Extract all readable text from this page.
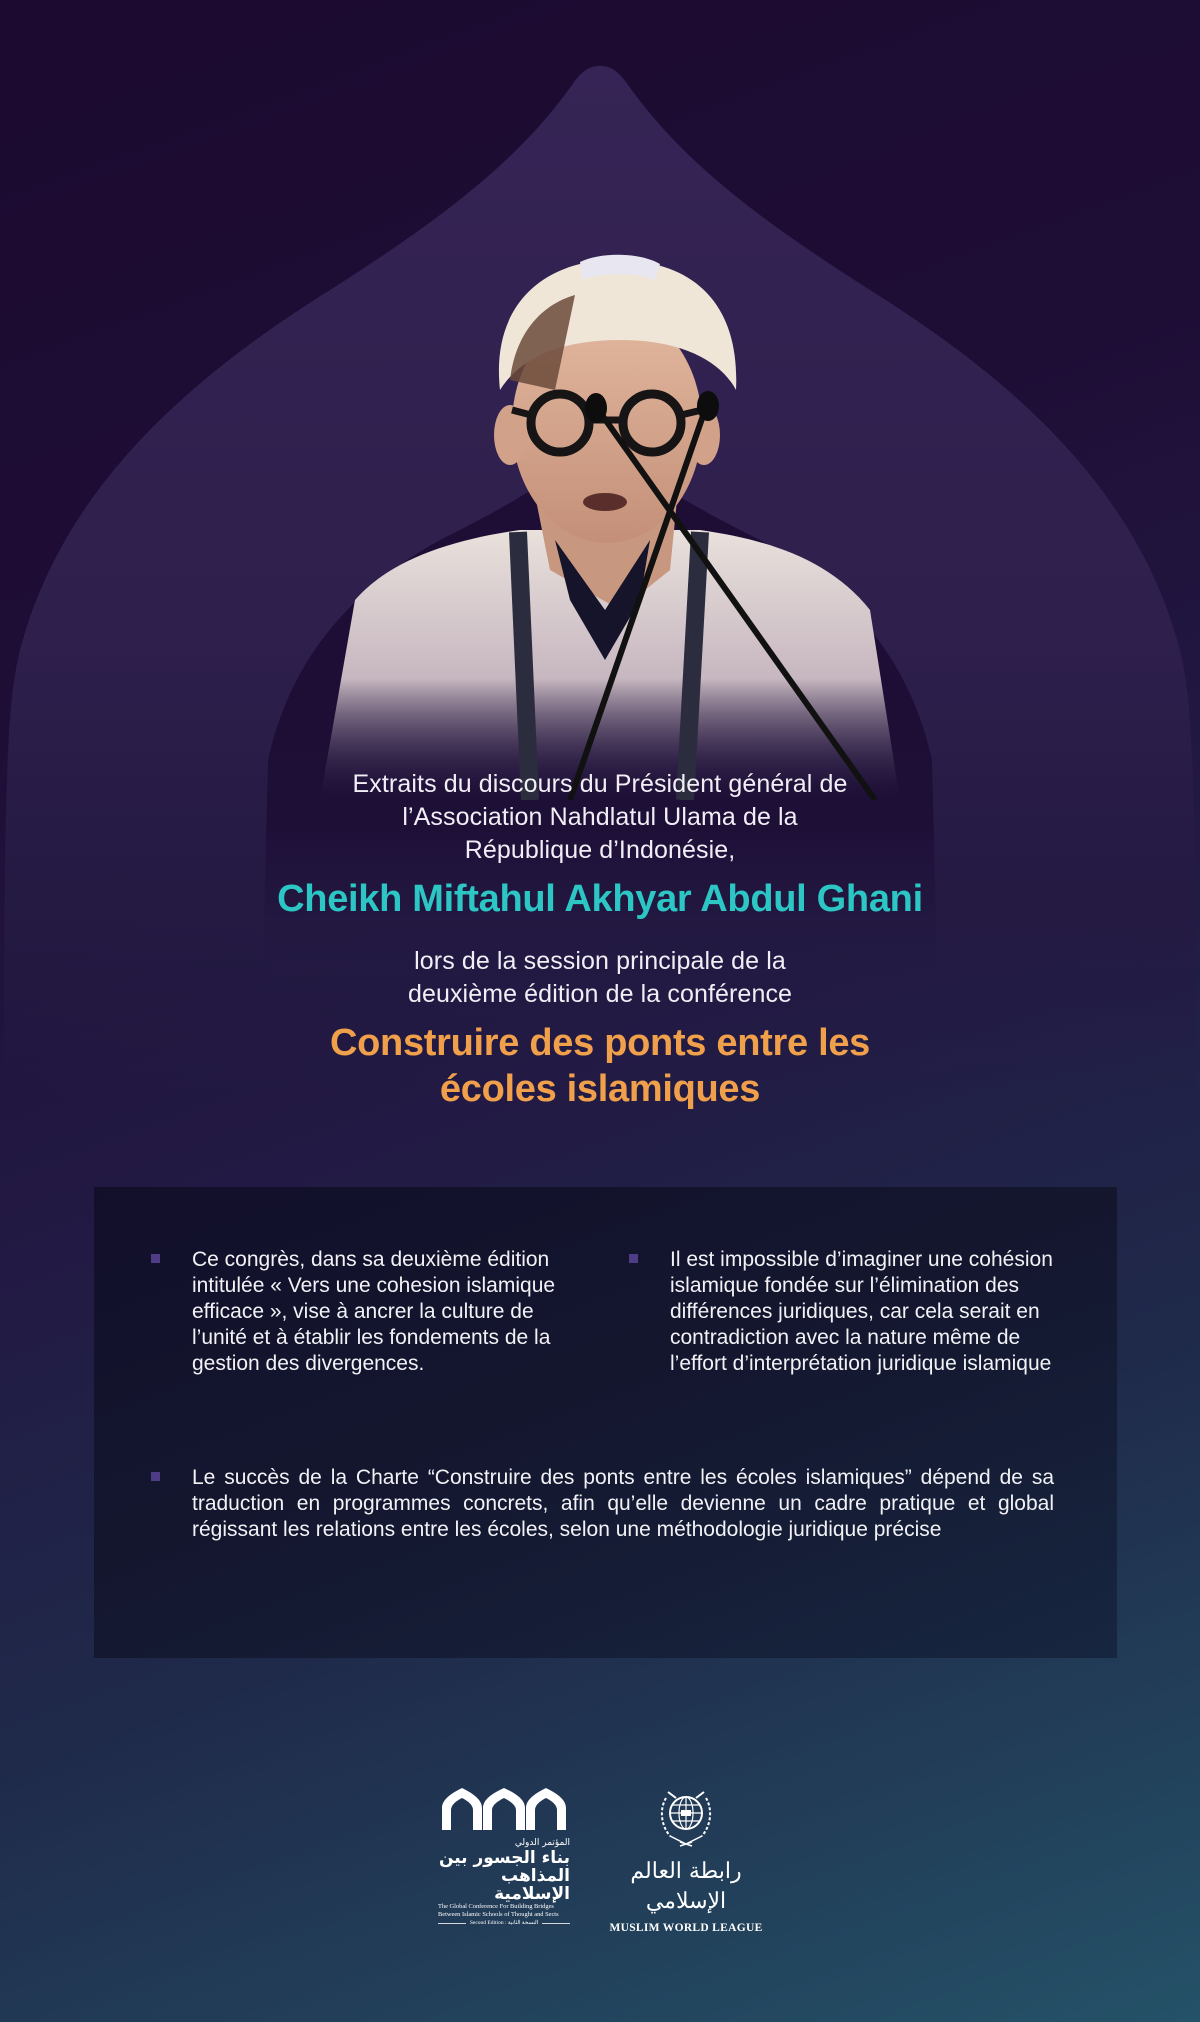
Extraits du discours du Président général de
l’Association Nahdlatul Ulama de la
République d’Indonésie,
Cheikh Miftahul Akhyar Abdul Ghani
lors de la session principale de la
deuxième édition de la conférence
Construire des ponts entre les
écoles islamiques
Ce congrès, dans sa deuxième édition intitulée « Vers une cohesion islamique efficace », vise à ancrer la culture de l’unité et à établir les fondements de la gestion des divergences.
Il est impossible d’imaginer une cohésion islamique fondée sur l’élimination des différences juridiques, car cela serait en contradiction avec la nature même de l’effort d’interprétation juridique islamique
Le succès de la Charte “Construire des ponts entre les écoles islamiques” dépend de sa traduction en programmes concrets, afin qu’elle devienne un cadre pratique et global régissant les relations entre les écoles, selon une méthodologie juridique précise
المؤتمر الدولي
بناء الجسور بين
المذاهب الإسلامية
The Global Conference For Building Bridges
Between Islamic Schools of Thought and Sects
Second Edition : النسخة الثانية
رابطة العالم الإسلامي
MUSLIM WORLD LEAGUE
